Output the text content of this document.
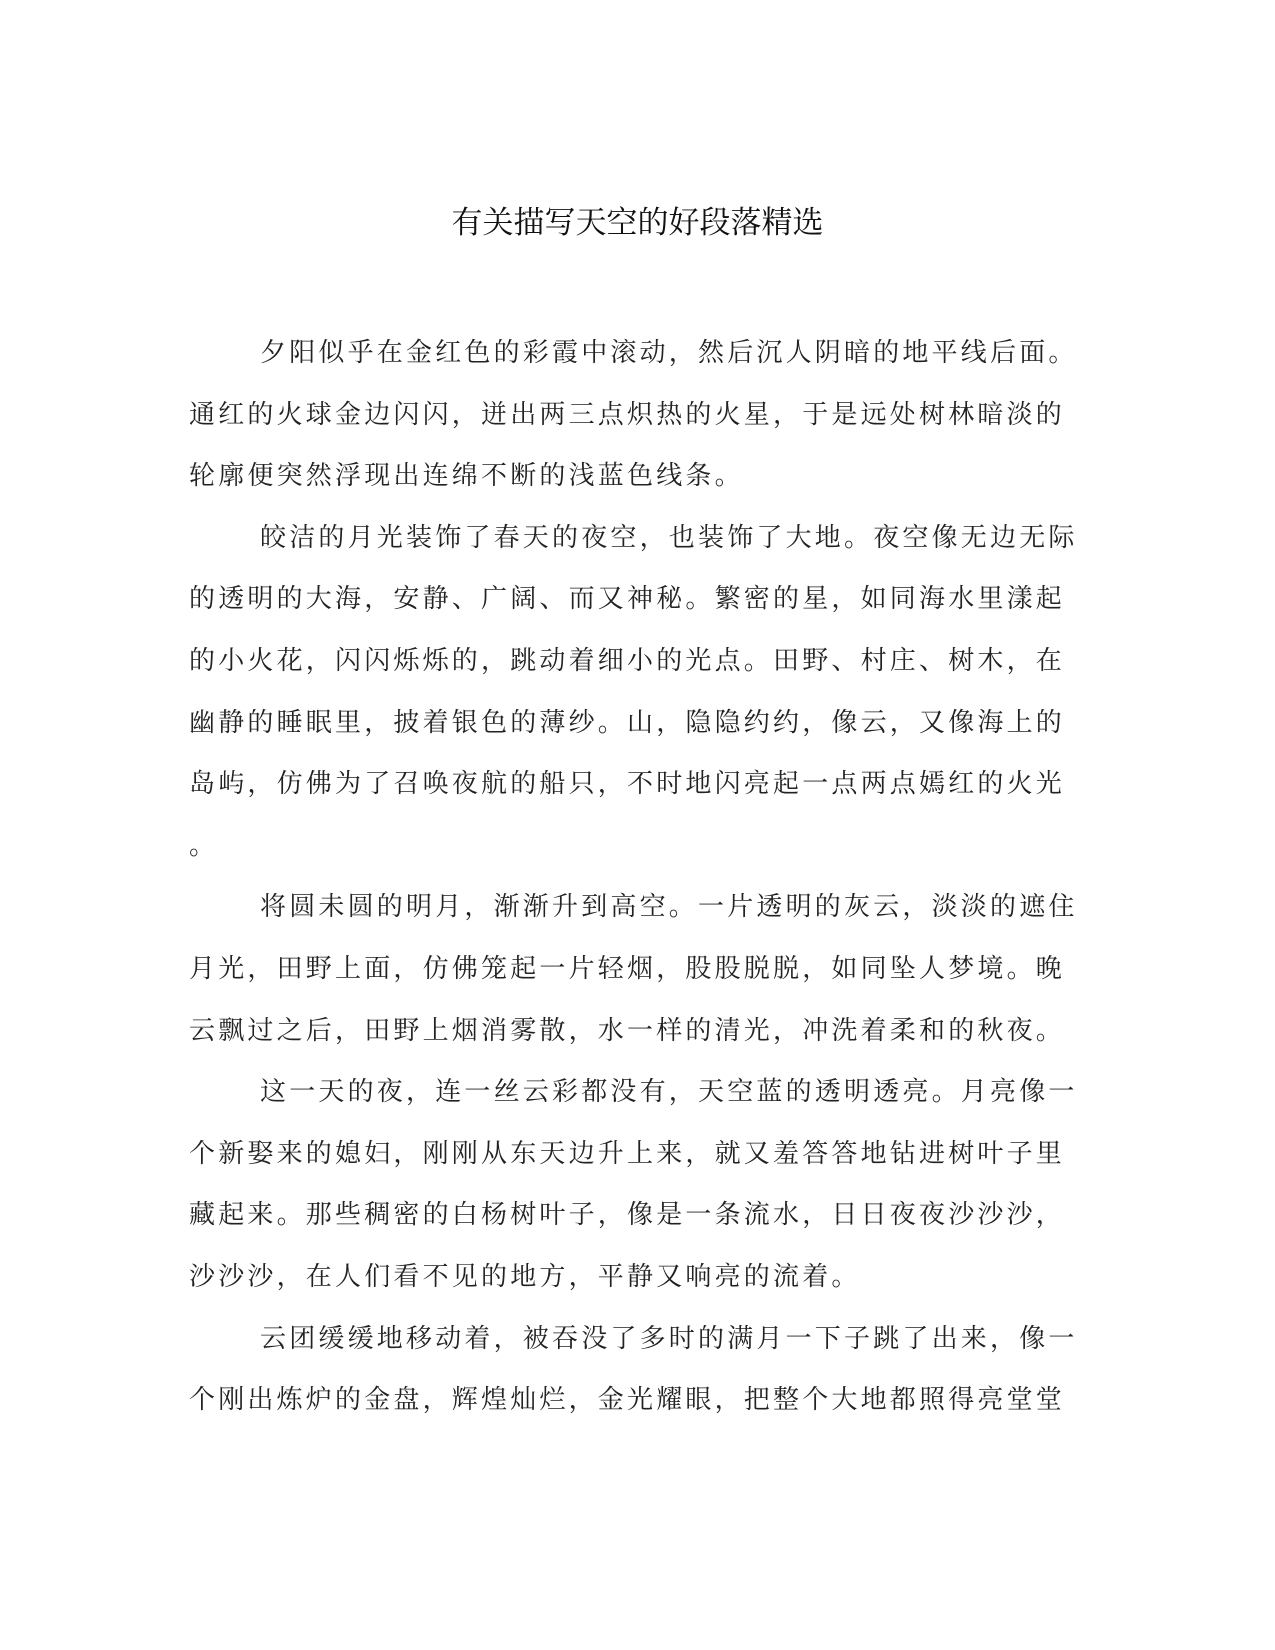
有关描写天空的好段落精选
夕阳似乎在金红色的彩霞中滚动，然后沉人阴暗的地平线后面。
通红的火球金边闪闪，迸出两三点炽热的火星，于是远处树林暗淡的
轮廓便突然浮现出连绵不断的浅蓝色线条。
皎洁的月光装饰了春天的夜空，也装饰了大地。夜空像无边无际
的透明的大海，安静、广阔、而又神秘。繁密的星，如同海水里漾起
的小火花，闪闪烁烁的，跳动着细小的光点。田野、村庄、树木，在
幽静的睡眠里，披着银色的薄纱。山，隐隐约约，像云，又像海上的
岛屿，仿佛为了召唤夜航的船只，不时地闪亮起一点两点嫣红的火光
。
将圆未圆的明月，渐渐升到高空。一片透明的灰云，淡淡的遮住
月光，田野上面，仿佛笼起一片轻烟，股股脱脱，如同坠人梦境。晚
云飘过之后，田野上烟消雾散，水一样的清光，冲洗着柔和的秋夜。
这一天的夜，连一丝云彩都没有，天空蓝的透明透亮。月亮像一
个新娶来的媳妇，刚刚从东天边升上来，就又羞答答地钻进树叶子里
藏起来。那些稠密的白杨树叶子，像是一条流水，日日夜夜沙沙沙，
沙沙沙，在人们看不见的地方，平静又响亮的流着。
云团缓缓地移动着，被吞没了多时的满月一下子跳了出来，像一
个刚出炼炉的金盘，辉煌灿烂，金光耀眼，把整个大地都照得亮堂堂
